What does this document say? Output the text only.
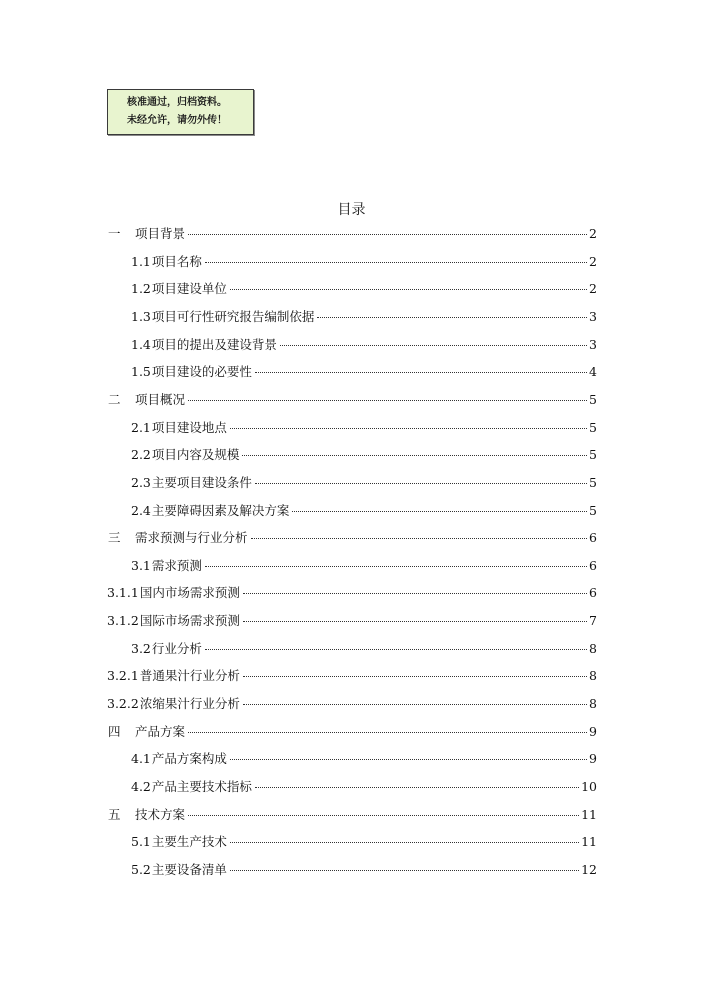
核准通过，归档资料。
未经允许，请勿外传！
目录
一	项目背景	2
1.1 项目名称	2
1.2 项目建设单位	2
1.3 项目可行性研究报告编制依据	3
1.4 项目的提出及建设背景	3
1.5 项目建设的必要性	4
二	项目概况	5
2.1 项目建设地点	5
2.2 项目内容及规模	5
2.3 主要项目建设条件	5
2.4 主要障碍因素及解决方案	5
三	需求预测与行业分析	6
3.1 需求预测	6
3.1.1 国内市场需求预测	6
3.1.2 国际市场需求预测	7
3.2 行业分析	8
3.2.1 普通果汁行业分析	8
3.2.2 浓缩果汁行业分析	8
四	产品方案	9
4.1 产品方案构成	9
4.2 产品主要技术指标	10
五	技术方案	11
5.1 主要生产技术	11
5.2 主要设备清单	12
